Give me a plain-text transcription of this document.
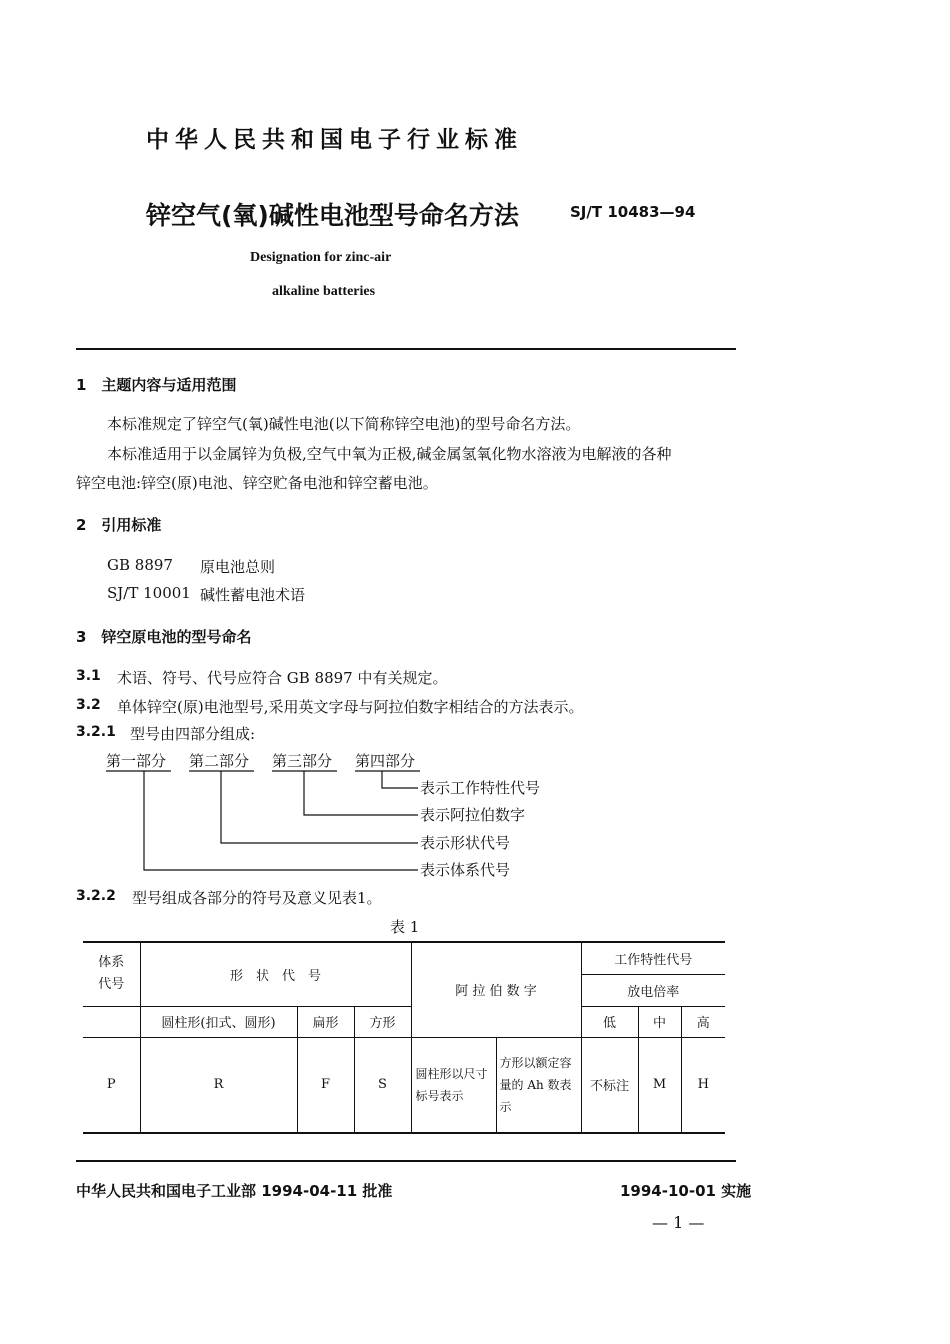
中华人民共和国电子行业标准
锌空气(氧)碱性电池型号命名方法	SJ/T 10483—94
Designation for zinc-air
alkaline batteries
1　主题内容与适用范围
本标准规定了锌空气(氧)碱性电池(以下简称锌空电池)的型号命名方法。
本标准适用于以金属锌为负极,空气中氧为正极,碱金属氢氧化物水溶液为电解液的各种
锌空电池:锌空(原)电池、锌空贮备电池和锌空蓄电池。
2　引用标准
GB 8897 原电池总则
SJ/T 10001 碱性蓄电池术语
3　锌空原电池的型号命名
3.1 术语、符号、代号应符合 GB 8897 中有关规定。
3.2 单体锌空(原)电池型号,采用英文字母与阿拉伯数字相结合的方法表示。
3.2.1 型号由四部分组成:
第一部分 第二部分 第三部分 第四部分
表示工作特性代号
表示阿拉伯数字
表示形状代号
表示体系代号
3.2.2 型号组成各部分的符号及意义见表1。
表 1
体系代号	形　状　代　号			阿 拉 伯 数 字		工作特性代号		
						放电倍率		
	圆柱形(扣式、圆形)	扁形	方形			低	中	高
P	R	F	S	圆柱形以尺寸标号表示	方形以额定容量的 Ah 数表示	不标注	M	H
中华人民共和国电子工业部 1994-04-11 批准	1994-10-01 实施
— 1 —
